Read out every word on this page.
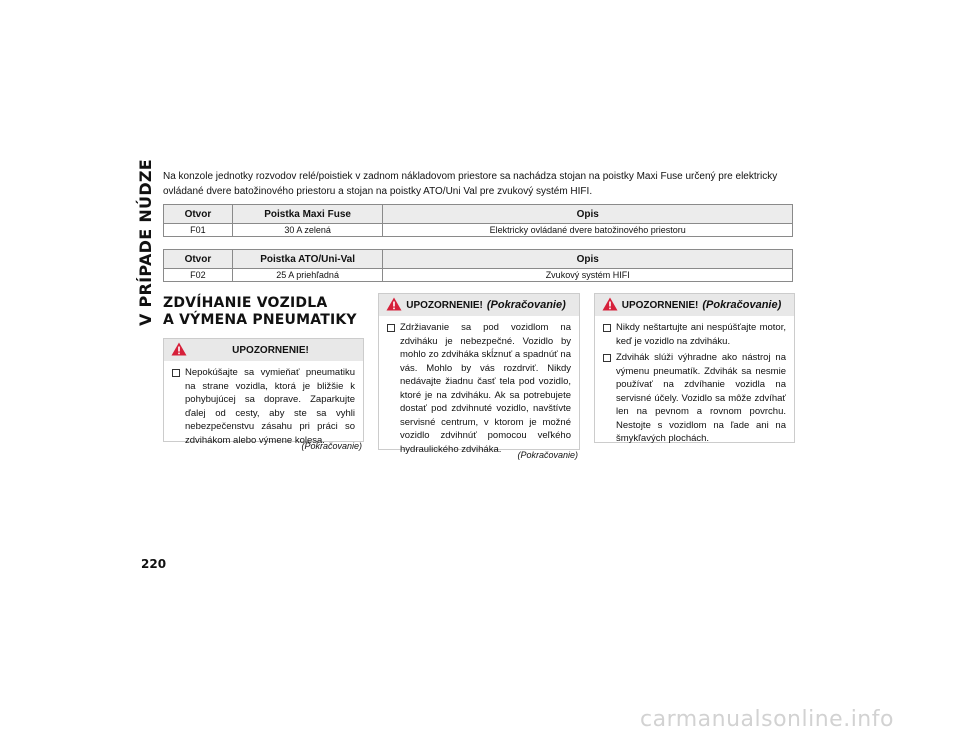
V PRÍPADE NÚDZE
220

Na konzole jednotky rozvodov relé/poistiek v zadnom nákladovom priestore sa nachádza stojan na poistky Maxi Fuse určený pre elektricky ovládané dvere batožinového priestoru a stojan na poistky ATO/Uni Val pre zvukový systém HIFI.

Otvor	Poistka Maxi Fuse	Opis
F01	30 A zelená	Elektricky ovládané dvere batožinového priestoru
Otvor	Poistka ATO/Uni-Val	Opis
F02	25 A priehľadná	Zvukový systém HIFI
ZDVÍHANIE VOZIDLA
A VÝMENA PNEUMATIKY
UPOZORNENIE!
Nepokúšajte sa vymieňať pneumatiku na strane vozidla, ktorá je bližšie k pohybujúcej sa doprave. Zaparkujte ďalej od cesty, aby ste sa vyhli nebezpečenstvu zásahu pri práci so zdvihákom alebo výmene kolesa.
(Pokračovanie)
UPOZORNENIE! (Pokračovanie)
Zdržiavanie sa pod vozidlom na zdviháku je nebezpečné. Vozidlo by mohlo zo zdviháka skĺznuť a spadnúť na vás. Mohlo by vás rozdrviť. Nikdy nedávajte žiadnu časť tela pod vozidlo, ktoré je na zdviháku. Ak sa potrebujete dostať pod zdvihnuté vozidlo, navštívte servisné centrum, v ktorom je možné vozidlo zdvihnúť pomocou veľkého hydraulického zdviháka.
(Pokračovanie)
UPOZORNENIE! (Pokračovanie)
Nikdy neštartujte ani nespúšťajte motor, keď je vozidlo na zdviháku.
Zdvihák slúži výhradne ako nástroj na výmenu pneumatík. Zdvihák sa nesmie používať na zdvíhanie vozidla na servisné účely. Vozidlo sa môže zdvíhať len na pevnom a rovnom povrchu. Nestojte s vozidlom na ľade ani na šmykľavých plochách.
carmanualsonline.info
